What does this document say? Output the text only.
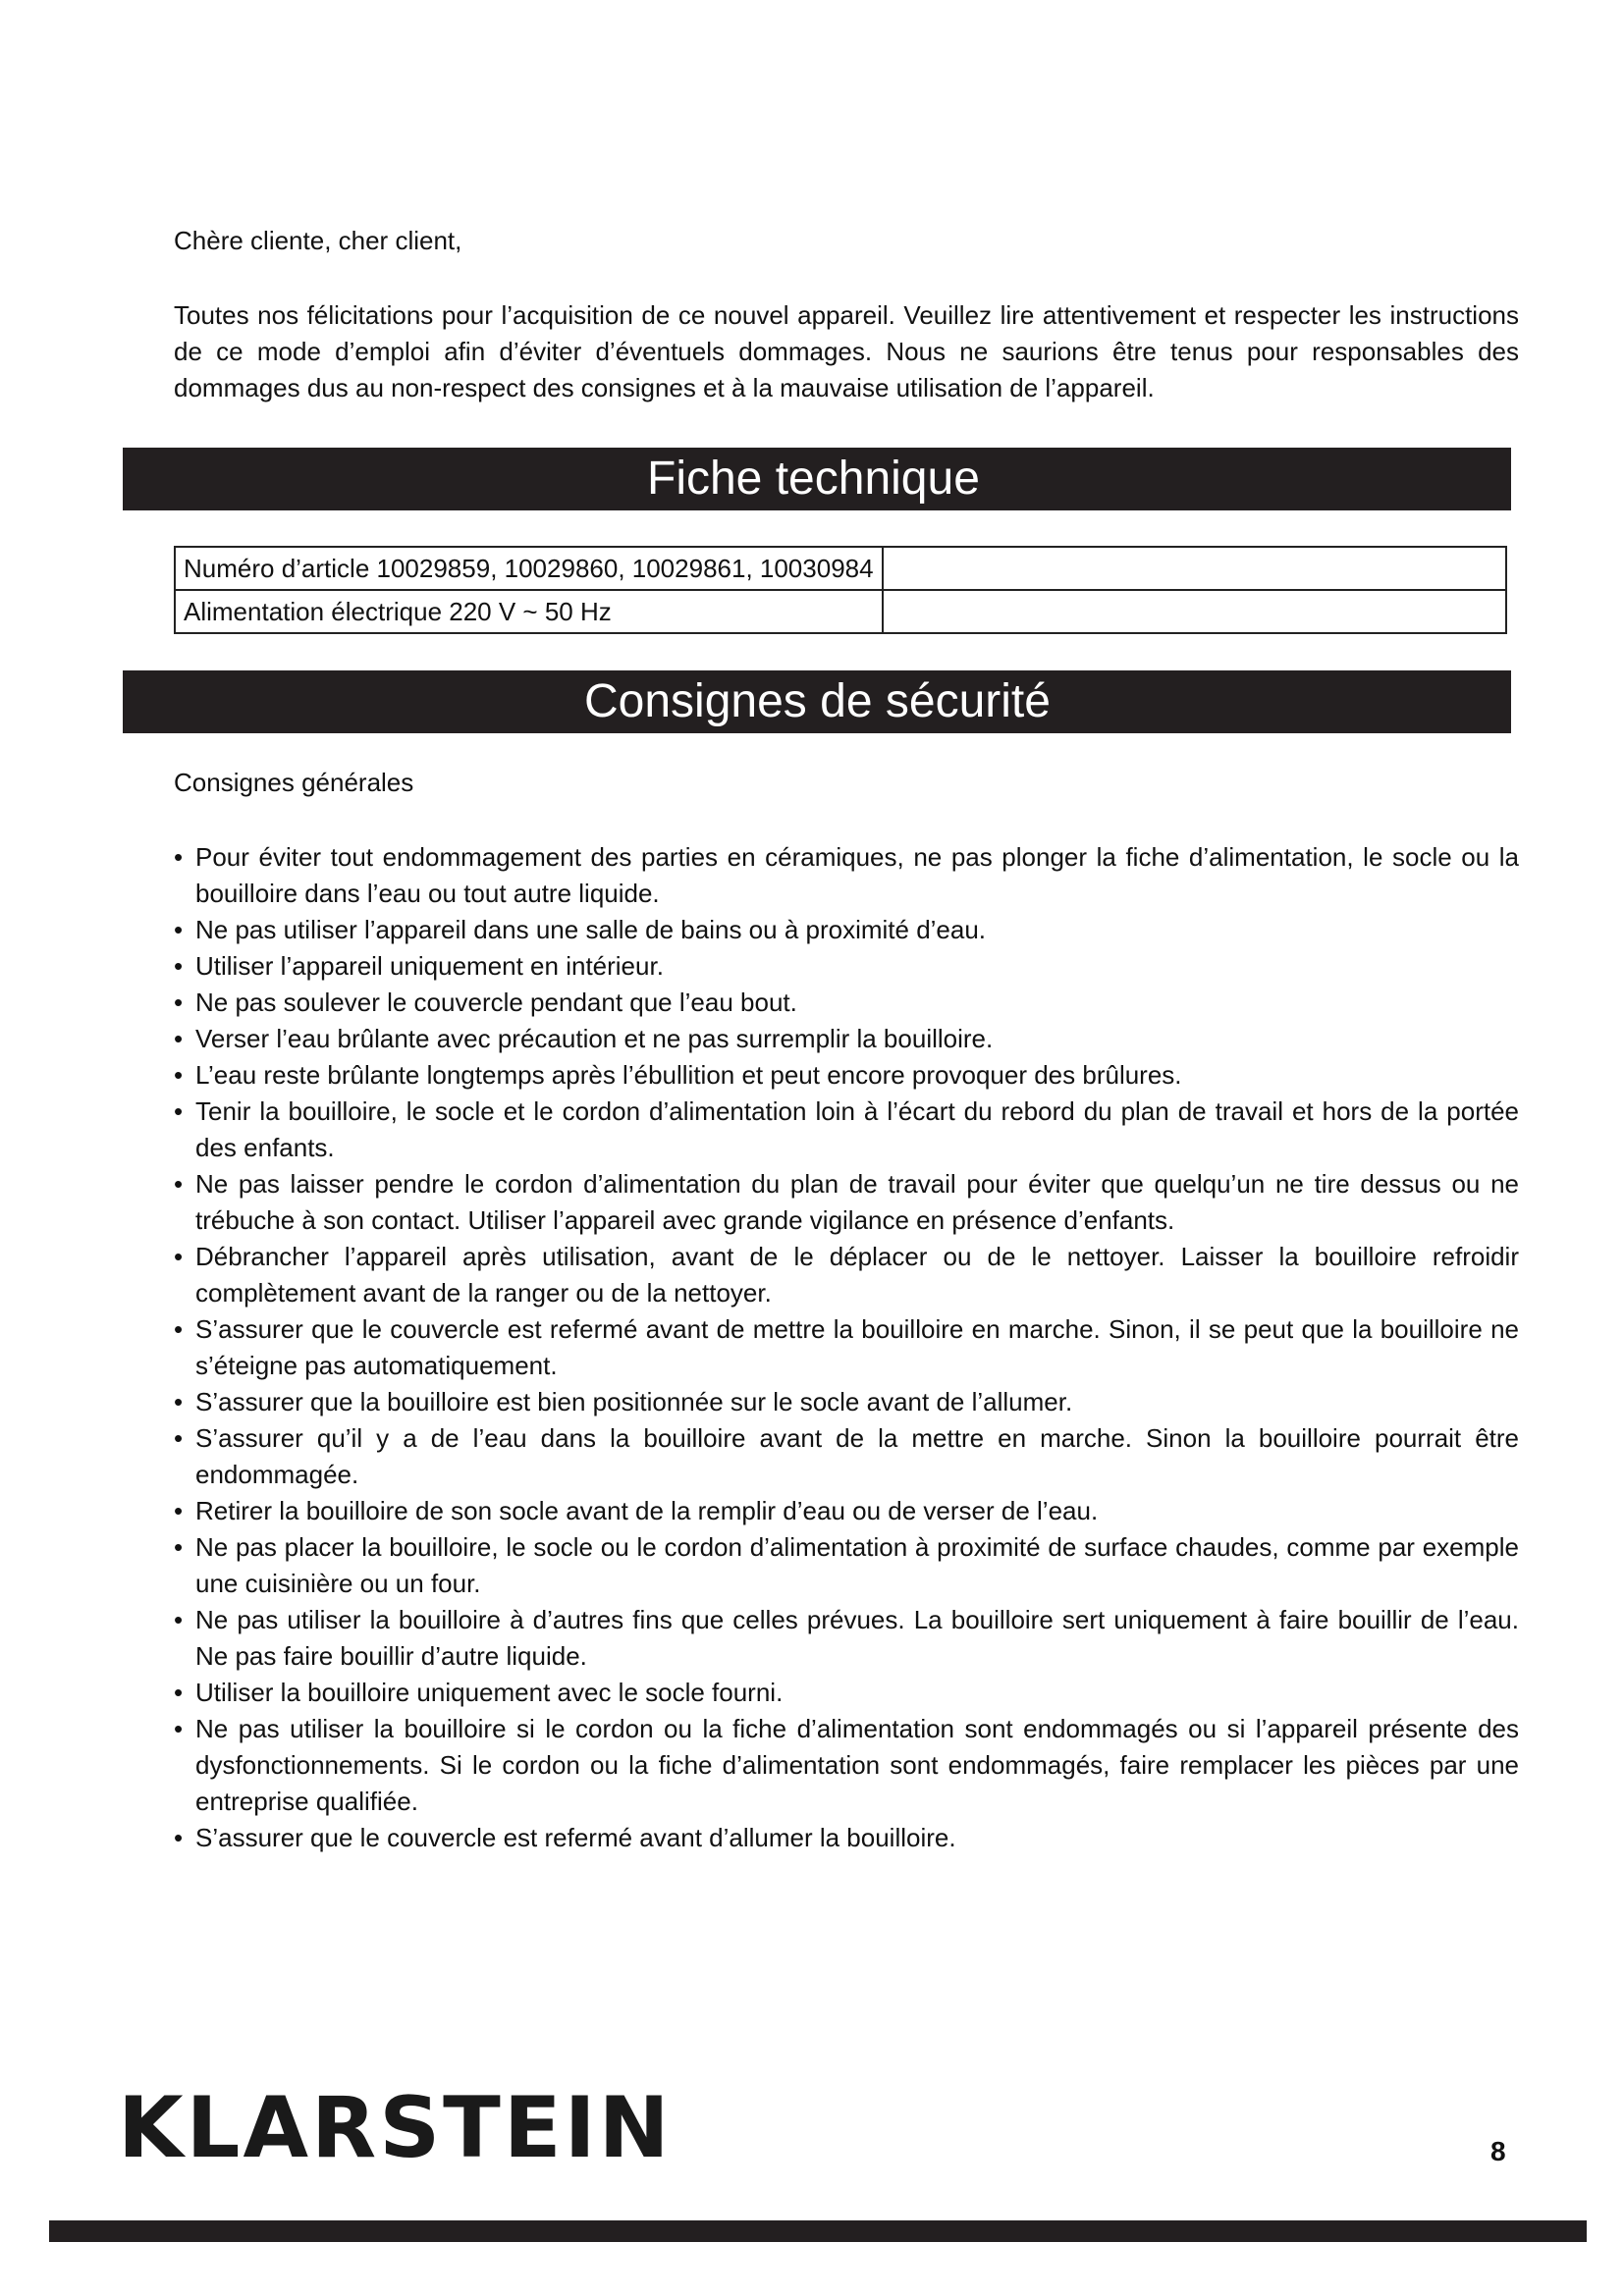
Chère cliente, cher client,
Toutes nos félicitations pour l’acquisition de ce nouvel appareil. Veuillez lire attentivement et respecter les instructions de ce mode d’emploi afin d’éviter d’éventuels dommages. Nous ne saurions être tenus pour responsables des dommages dus au non-respect des consignes et à la mauvaise utilisation de l’appareil.
Fiche technique
Numéro d’article 10029859, 10029860, 10029861, 10030984	
Alimentation électrique 220 V ~ 50 Hz	
Consignes de sécurité
Consignes générales
• Pour éviter tout endommagement des parties en céramiques, ne pas plonger la fiche d’alimentation, le socle ou la bouilloire dans l’eau ou tout autre liquide.
• Ne pas utiliser l’appareil dans une salle de bains ou à proximité d’eau.
• Utiliser l’appareil uniquement en intérieur.
• Ne pas soulever le couvercle pendant que l’eau bout.
• Verser l’eau brûlante avec précaution et ne pas surremplir la bouilloire.
• L’eau reste brûlante longtemps après l’ébullition et peut encore provoquer des brûlures.
• Tenir la bouilloire, le socle et le cordon d’alimentation loin à l’écart du rebord du plan de travail et hors de la portée des enfants.
• Ne pas laisser pendre le cordon d’alimentation du plan de travail pour éviter que quelqu’un ne tire dessus ou ne trébuche à son contact. Utiliser l’appareil avec grande vigilance en présence d’enfants.
• Débrancher l’appareil après utilisation, avant de le déplacer ou de le nettoyer. Laisser la bouilloire refroidir complètement avant de la ranger ou de la nettoyer.
• S’assurer que le couvercle est refermé avant de mettre la bouilloire en marche. Sinon, il se peut que la bouilloire ne s’éteigne pas automatiquement.
• S’assurer que la bouilloire est bien positionnée sur le socle avant de l’allumer.
• S’assurer qu’il y a de l’eau dans la bouilloire avant de la mettre en marche. Sinon la bouilloire pourrait être endommagée.
• Retirer la bouilloire de son socle avant de la remplir d’eau ou de verser de l’eau.
• Ne pas placer la bouilloire, le socle ou le cordon d’alimentation à proximité de surface chaudes, comme par exemple une cuisinière ou un four.
• Ne pas utiliser la bouilloire à d’autres fins que celles prévues. La bouilloire sert uniquement à faire bouillir de l’eau. Ne pas faire bouillir d’autre liquide.
• Utiliser la bouilloire uniquement avec le socle fourni.
• Ne pas utiliser la bouilloire si le cordon ou la fiche d’alimentation sont endommagés ou si l’appareil présente des dysfonctionnements. Si le cordon ou la fiche d’alimentation sont endommagés, faire remplacer les pièces par une entreprise qualifiée.
• S’assurer que le couvercle est refermé avant d’allumer la bouilloire.
KLARSTEIN	8
